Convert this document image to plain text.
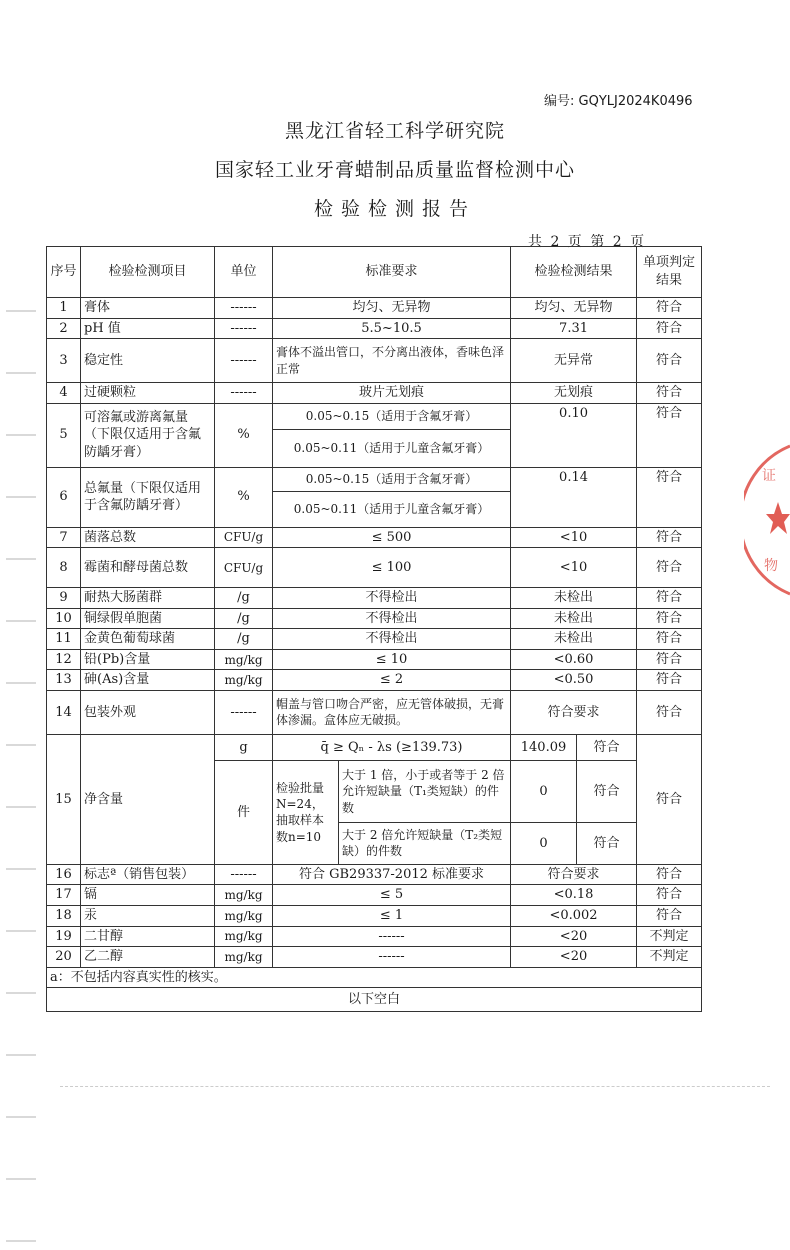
编号: GQYLJ2024K0496
黑龙江省轻工科学研究院
国家轻工业牙膏蜡制品质量监督检测中心
检验检测报告
共 2 页 第 2 页
序号	检验检测项目	单位	标准要求		检验检测结果		单项判定结果
1	膏体	------	均匀、无异物		均匀、无异物		符合
2	pH 值	------	5.5~10.5		7.31		符合
3	稳定性	------	膏体不溢出管口，不分离出液体，香味色泽正常		无异常		符合
4	过硬颗粒	------	玻片无划痕		无划痕		符合
5	可溶氟或游离氟量（下限仅适用于含氟防龋牙膏）	%	0.05~0.15（适用于含氟牙膏）		0.10		符合
			0.05~0.11（适用于儿童含氟牙膏）				
6	总氟量（下限仅适用于含氟防龋牙膏）	%	0.05~0.15（适用于含氟牙膏）		0.14		符合
			0.05~0.11（适用于儿童含氟牙膏）				
7	菌落总数	CFU/g	≤ 500		<10		符合
8	霉菌和酵母菌总数	CFU/g	≤ 100		<10		符合
9	耐热大肠菌群	/g	不得检出		未检出		符合
10	铜绿假单胞菌	/g	不得检出		未检出		符合
11	金黄色葡萄球菌	/g	不得检出		未检出		符合
12	铅(Pb)含量	mg/kg	≤ 10		<0.60		符合
13	砷(As)含量	mg/kg	≤ 2		<0.50		符合
14	包装外观	------	帽盖与管口吻合严密，应无管体破损，无膏体渗漏。盒体应无破损。		符合要求		符合
15	净含量	g	q̄ ≥ Qₙ - λs (≥139.73)		140.09	符合	符合
		件	检验批量N=24，抽取样本数n=10	大于 1 倍，小于或者等于 2 倍允许短缺量（T₁类短缺）的件数	0	符合	
				大于 2 倍允许短缺量（T₂类短缺）的件数	0	符合	
16	标志ª（销售包装）	------	符合 GB29337-2012 标准要求		符合要求		符合
17	镉	mg/kg	≤ 5		<0.18		符合
18	汞	mg/kg	≤ 1		<0.002		符合
19	二甘醇	mg/kg	------		<20		不判定
20	乙二醇	mg/kg	------		<20		不判定
a：不包括内容真实性的核实。							
以下空白							
证
物
